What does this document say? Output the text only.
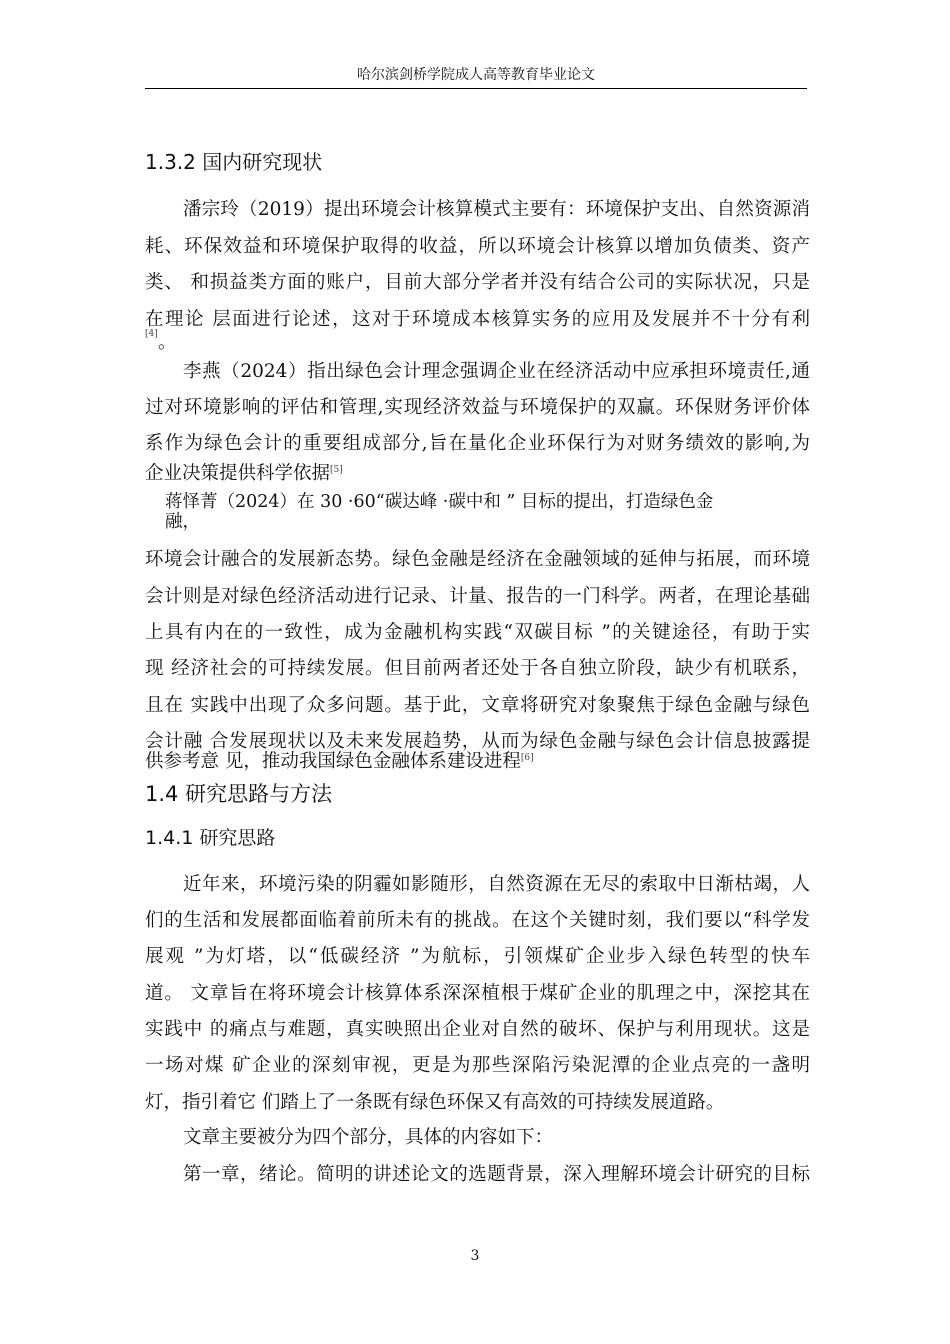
哈尔滨剑桥学院成人高等教育毕业论文
1.3.2 国内研究现状
潘宗玲（2019）提出环境会计核算模式主要有：环境保护支出、自然资源消
耗、环保效益和环境保护取得的收益，所以环境会计核算以增加负债类、资产
类、 和损益类方面的账户，目前大部分学者并没有结合公司的实际状况，只是
在理论 层面进行论述，这对于环境成本核算实务的应用及发展并不十分有利
[4] 。
李燕（2024）指出绿色会计理念强调企业在经济活动中应承担环境责任,通
过对环境影响的评估和管理,实现经济效益与环境保护的双赢。环保财务评价体
系作为绿色会计的重要组成部分,旨在量化企业环保行为对财务绩效的影响,为
企业决策提供科学依据[5]
蒋怿菁（2024）在 30 ·60“碳达峰 ·碳中和 ” 目标的提出，打造绿色金
融，
环境会计融合的发展新态势。绿色金融是经济在金融领域的延伸与拓展，而环境
会计则是对绿色经济活动进行记录、计量、报告的一门科学。两者，在理论基础
上具有内在的一致性，成为金融机构实践“双碳目标 ”的关键途径，有助于实
现 经济社会的可持续发展。但目前两者还处于各自独立阶段，缺少有机联系，
且在 实践中出现了众多问题。基于此，文章将研究对象聚焦于绿色金融与绿色
会计融 合发展现状以及未来发展趋势，从而为绿色金融与绿色会计信息披露提
供参考意 见，推动我国绿色金融体系建设进程[6]
1.4 研究思路与方法
1.4.1 研究思路
近年来，环境污染的阴霾如影随形，自然资源在无尽的索取中日渐枯竭，人
们的生活和发展都面临着前所未有的挑战。在这个关键时刻，我们要以“科学发
展观 ”为灯塔，以“低碳经济 ”为航标，引领煤矿企业步入绿色转型的快车
道。 文章旨在将环境会计核算体系深深植根于煤矿企业的肌理之中，深挖其在
实践中 的痛点与难题，真实映照出企业对自然的破坏、保护与利用现状。这是
一场对煤 矿企业的深刻审视，更是为那些深陷污染泥潭的企业点亮的一盏明
灯，指引着它 们踏上了一条既有绿色环保又有高效的可持续发展道路。
文章主要被分为四个部分，具体的内容如下：
第一章，绪论。简明的讲述论文的选题背景，深入理解环境会计研究的目标
3
